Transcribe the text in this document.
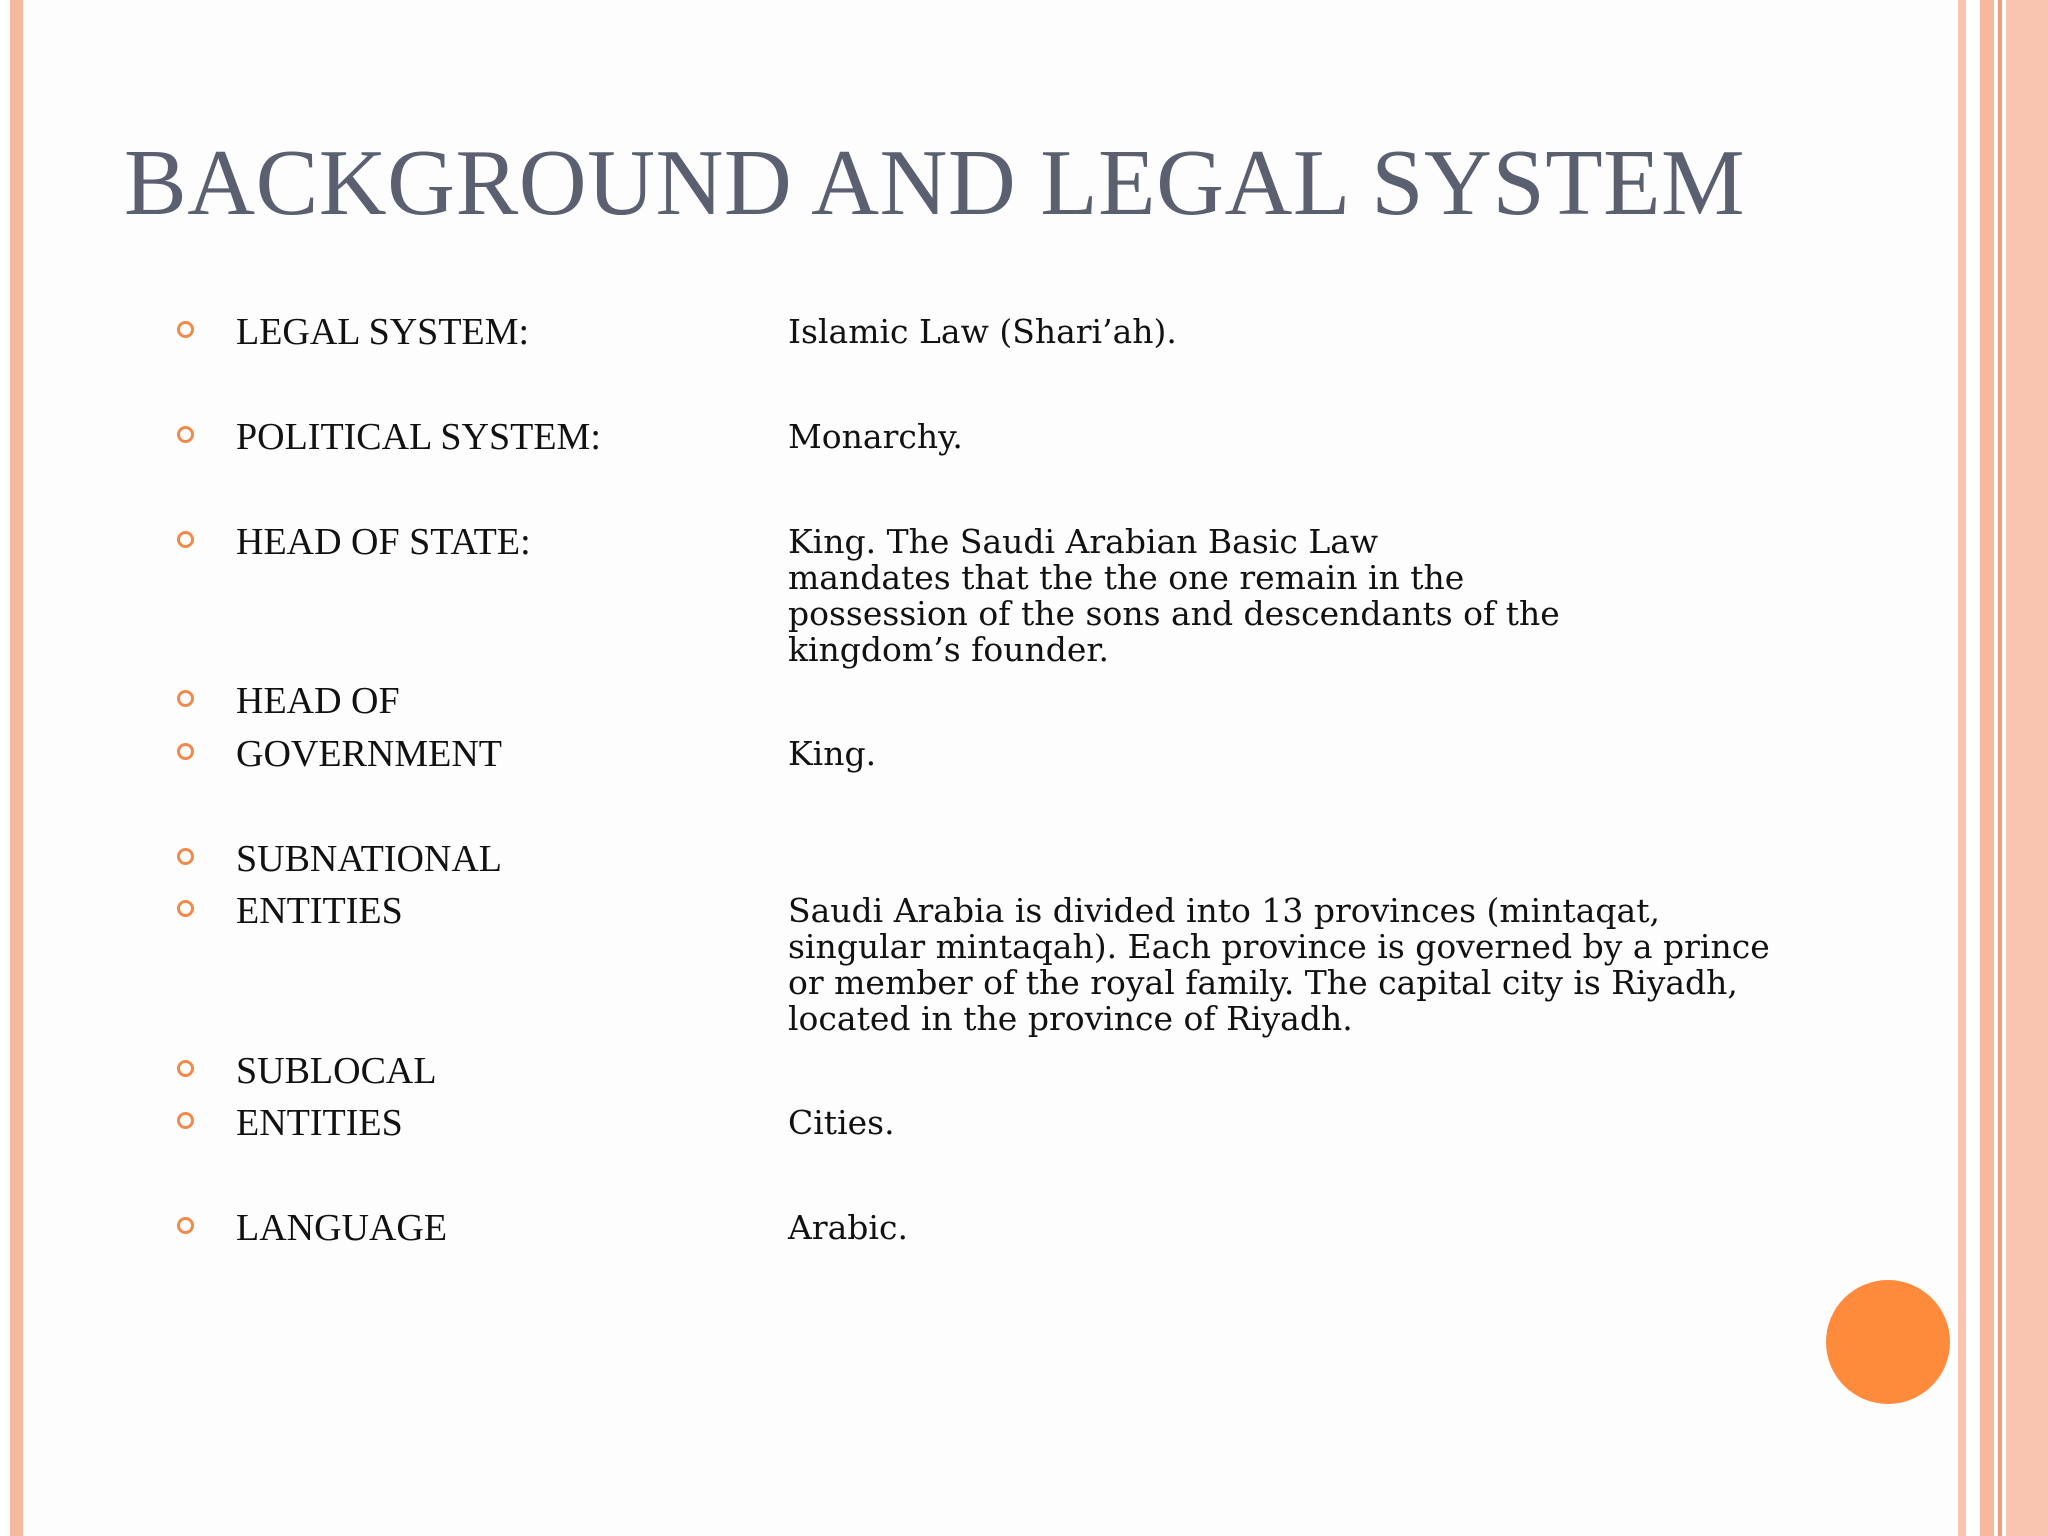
BACKGROUND AND LEGAL SYSTEM
LEGAL SYSTEM:	Islamic Law (Shari’ah).
POLITICAL SYSTEM:	Monarchy.
HEAD OF STATE:	King. The Saudi Arabian Basic Law
mandates that the the one remain in the
possession of the sons and descendants of the
kingdom’s founder.
HEAD OF
GOVERNMENT	King.
SUBNATIONAL
ENTITIES	Saudi Arabia is divided into 13 provinces (mintaqat,
singular mintaqah). Each province is governed by a prince
or member of the royal family. The capital city is Riyadh,
located in the province of Riyadh.
SUBLOCAL
ENTITIES	Cities.
LANGUAGE	Arabic.
